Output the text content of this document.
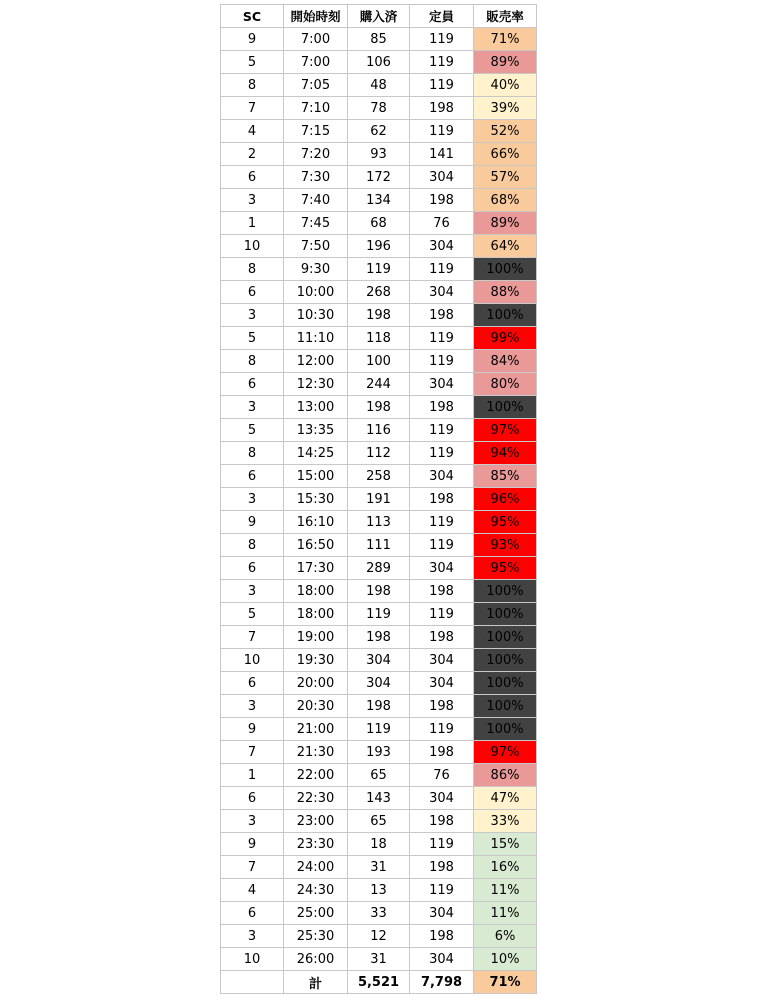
SC	開始時刻	購入済	定員	販売率
9	7:00	85	119	71%
5	7:00	106	119	89%
8	7:05	48	119	40%
7	7:10	78	198	39%
4	7:15	62	119	52%
2	7:20	93	141	66%
6	7:30	172	304	57%
3	7:40	134	198	68%
1	7:45	68	76	89%
10	7:50	196	304	64%
8	9:30	119	119	100%
6	10:00	268	304	88%
3	10:30	198	198	100%
5	11:10	118	119	99%
8	12:00	100	119	84%
6	12:30	244	304	80%
3	13:00	198	198	100%
5	13:35	116	119	97%
8	14:25	112	119	94%
6	15:00	258	304	85%
3	15:30	191	198	96%
9	16:10	113	119	95%
8	16:50	111	119	93%
6	17:30	289	304	95%
3	18:00	198	198	100%
5	18:00	119	119	100%
7	19:00	198	198	100%
10	19:30	304	304	100%
6	20:00	304	304	100%
3	20:30	198	198	100%
9	21:00	119	119	100%
7	21:30	193	198	97%
1	22:00	65	76	86%
6	22:30	143	304	47%
3	23:00	65	198	33%
9	23:30	18	119	15%
7	24:00	31	198	16%
4	24:30	13	119	11%
6	25:00	33	304	11%
3	25:30	12	198	6%
10	26:00	31	304	10%
	計	5,521	7,798	71%
